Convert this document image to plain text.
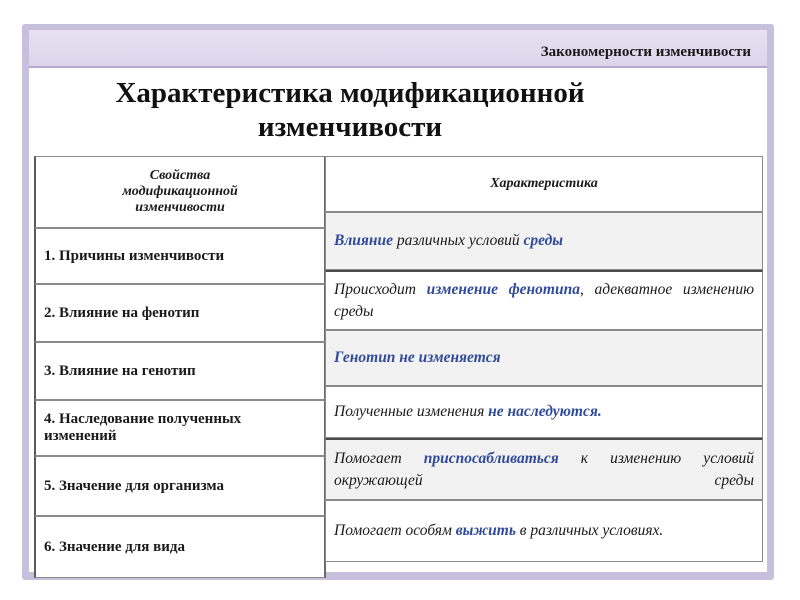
Закономерности изменчивости
Характеристика модификационной
изменчивости
Свойства
модификационной
изменчивости
1. Причины изменчивости
2. Влияние на фенотип
3. Влияние на генотип
4. Наследование полученных изменений
5. Значение для организма
6. Значение для вида
Характеристика
Влияние различных условий среды
Происходит изменение фенотипа, адекватное изменению среды
Генотип не изменяется
Полученные изменения не наследуются.
Помогает приспосабливаться к изменению условий окружающей среды
Помогает особям выжить в различных условиях.
